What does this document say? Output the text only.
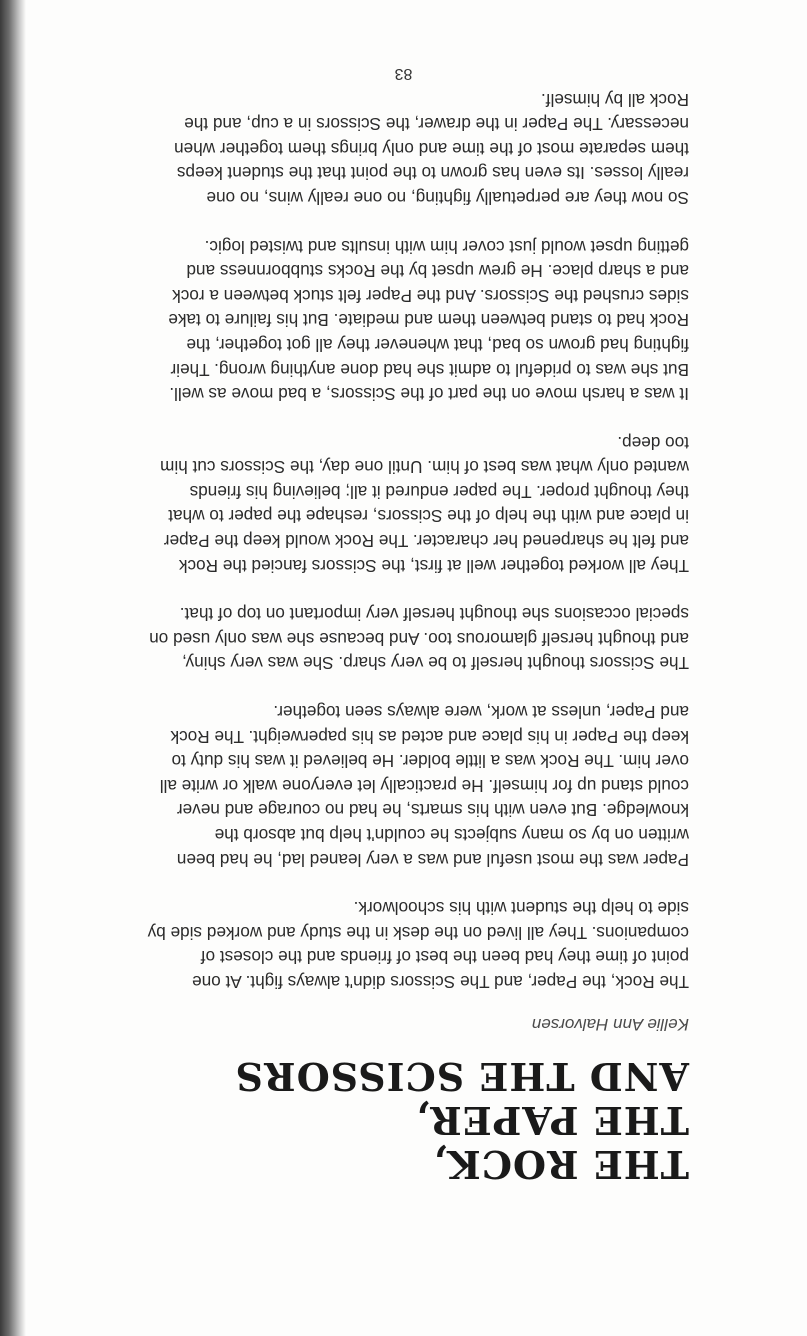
THE ROCK,
THE PAPER,
AND THE SCISSORS
Kellie Ann Halvorsen

The Rock, the Paper, and The Scissors didn't always fight. At one
point of time they had been the best of friends and the closest of
companions. They all lived on the desk in the study and worked side by
side to help the student with his schoolwork.

Paper was the most useful and was a very leaned lad, he had been
written on by so many subjects he couldn't help but absorb the
knowledge. But even with his smarts, he had no courage and never
could stand up for himself. He practically let everyone walk or write all
over him. The Rock was a little bolder. He believed it was his duty to
keep the Paper in his place and acted as his paperweight. The Rock
and Paper, unless at work, were always seen together.

The Scissors thought herself to be very sharp. She was very shiny,
and thought herself glamorous too. And because she was only used on
special occasions she thought herself very important on top of that.

They all worked together well at first, the Scissors fancied the Rock
and felt he sharpened her character. The Rock would keep the Paper
in place and with the help of the Scissors, reshape the paper to what
they thought proper. The paper endured it all; believing his friends
wanted only what was best of him. Until one day, the Scissors cut him
too deep.

It was a harsh move on the part of the Scissors, a bad move as well.
But she was to prideful to admit she had done anything wrong. Their
fighting had grown so bad, that whenever they all got together, the
Rock had to stand between them and mediate. But his failure to take
sides crushed the Scissors. And the Paper felt stuck between a rock
and a sharp place. He grew upset by the Rocks stubbornness and
getting upset would just cover him with insults and twisted logic.

So now they are perpetually fighting, no one really wins, no one
really losses. Its even has grown to the point that the student keeps
them separate most of the time and only brings them together when
necessary. The Paper in the drawer, the Scissors in a cup, and the
Rock all by himself.

83
